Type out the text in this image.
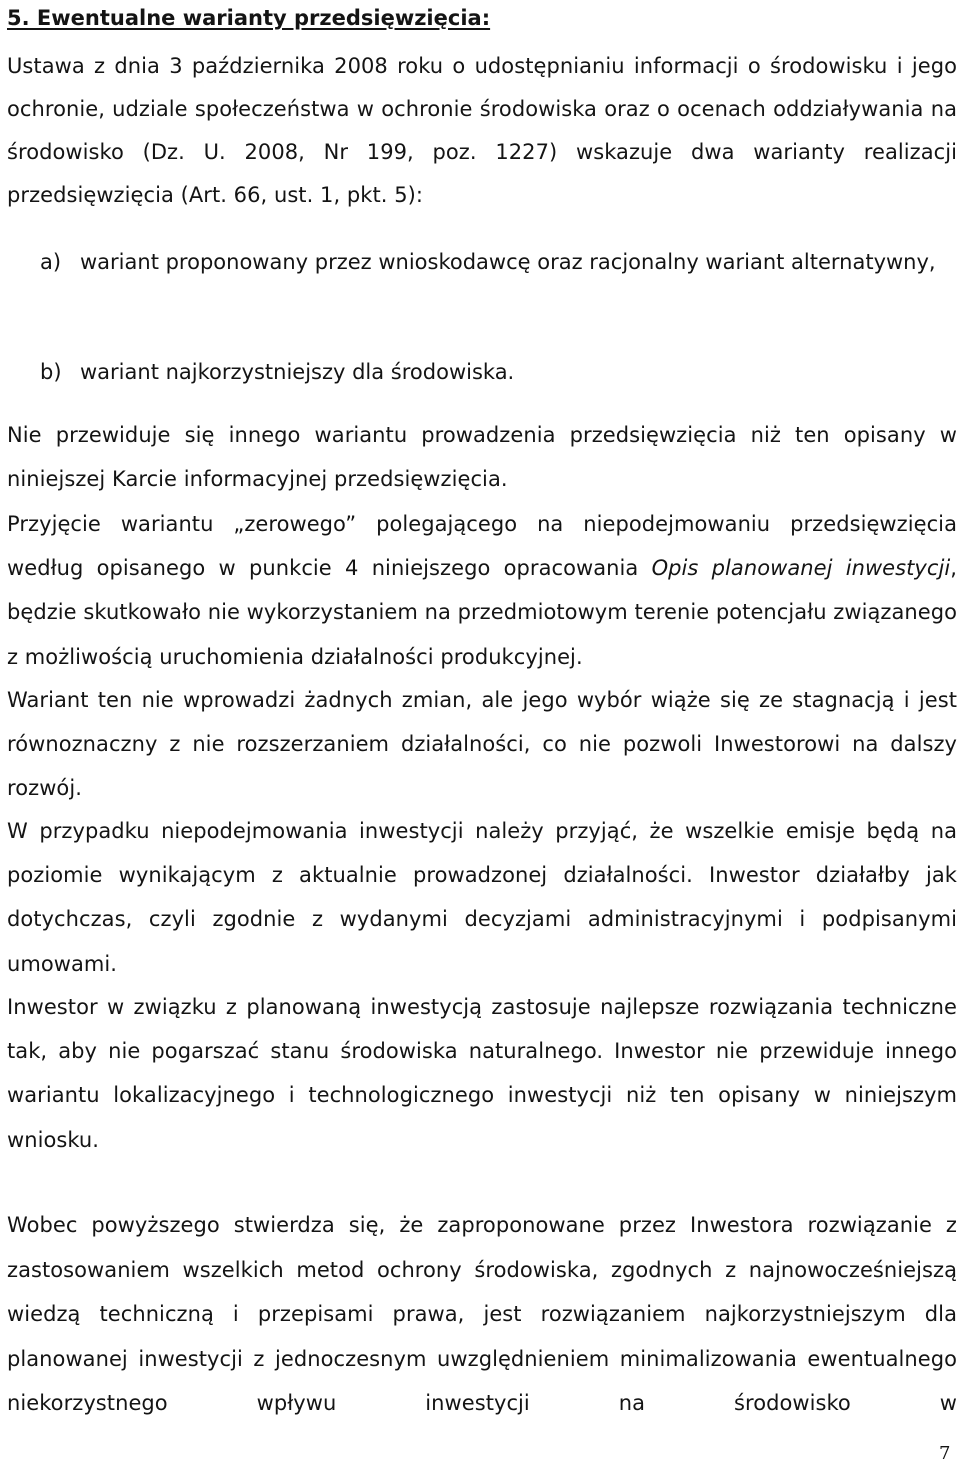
5. Ewentualne warianty przedsięwzięcia:
Ustawa z dnia 3 października 2008 roku o udostępnianiu informacji o środowisku i jego ochronie, udziale społeczeństwa w ochronie środowiska oraz o ocenach oddziaływania na środowisko (Dz. U. 2008, Nr 199, poz. 1227) wskazuje dwa warianty realizacji przedsięwzięcia (Art. 66, ust. 1, pkt. 5):
a) wariant proponowany przez wnioskodawcę oraz racjonalny wariant alternatywny,
b) wariant najkorzystniejszy dla środowiska.
Nie przewiduje się innego wariantu prowadzenia przedsięwzięcia niż ten opisany w niniejszej Karcie informacyjnej przedsięwzięcia.
Przyjęcie wariantu „zerowego” polegającego na niepodejmowaniu przedsięwzięcia według opisanego w punkcie 4 niniejszego opracowania Opis planowanej inwestycji, będzie skutkowało nie wykorzystaniem na przedmiotowym terenie potencjału związanego z możliwością uruchomienia działalności produkcyjnej.
Wariant ten nie wprowadzi żadnych zmian, ale jego wybór wiąże się ze stagnacją i jest równoznaczny z nie rozszerzaniem działalności, co nie pozwoli Inwestorowi na dalszy rozwój.
W przypadku niepodejmowania inwestycji należy przyjąć, że wszelkie emisje będą na poziomie wynikającym z aktualnie prowadzonej działalności. Inwestor działałby jak dotychczas, czyli zgodnie z wydanymi decyzjami administracyjnymi i podpisanymi umowami.
Inwestor w związku z planowaną inwestycją zastosuje najlepsze rozwiązania techniczne tak, aby nie pogarszać stanu środowiska naturalnego. Inwestor nie przewiduje innego wariantu lokalizacyjnego i technologicznego inwestycji niż ten opisany w niniejszym wniosku.
Wobec powyższego stwierdza się, że zaproponowane przez Inwestora rozwiązanie z zastosowaniem wszelkich metod ochrony środowiska, zgodnych z najnowocześniejszą wiedzą techniczną i przepisami prawa, jest rozwiązaniem najkorzystniejszym dla planowanej inwestycji z jednoczesnym uwzględnieniem minimalizowania ewentualnego niekorzystnego wpływu inwestycji na środowisko w
7
